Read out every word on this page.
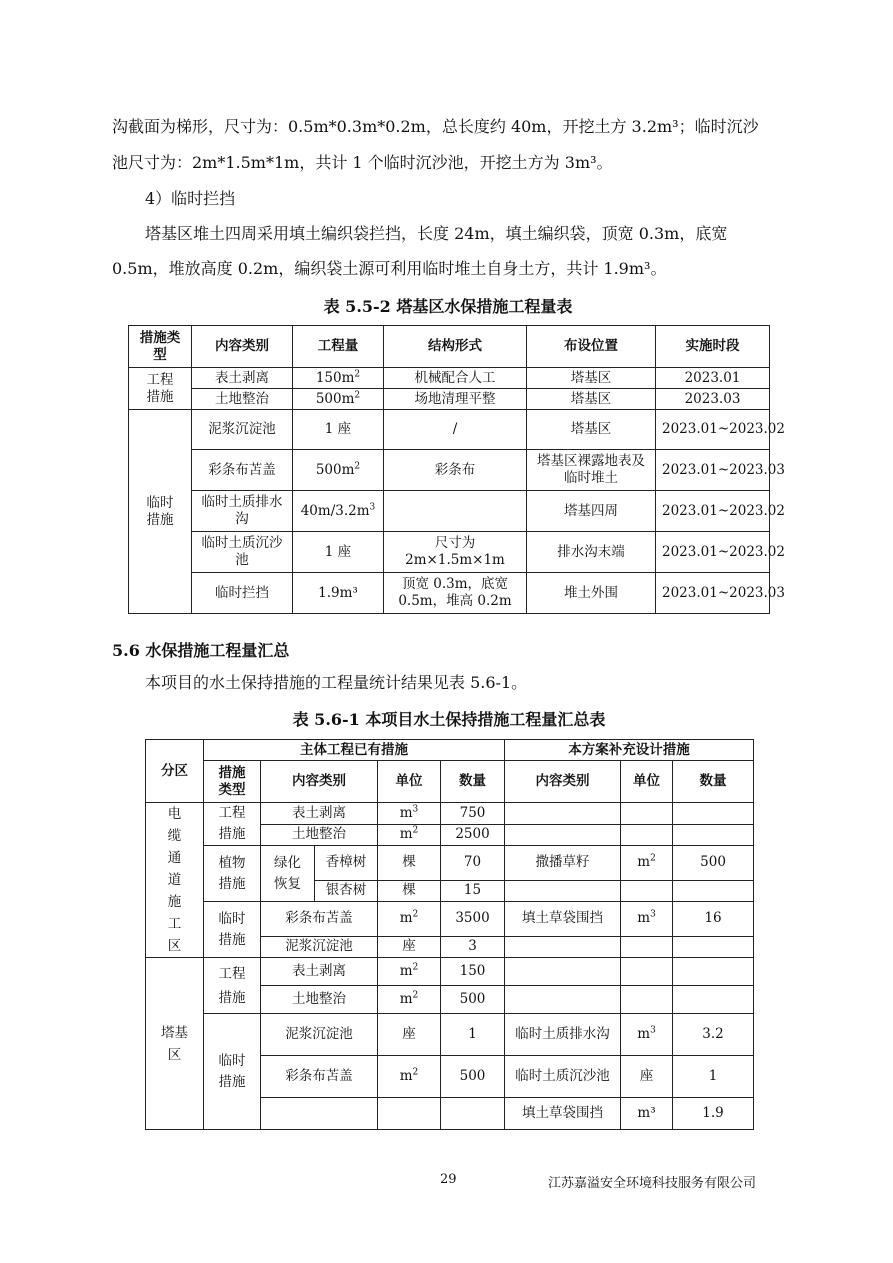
沟截面为梯形，尺寸为：0.5m*0.3m*0.2m，总长度约 40m，开挖土方 3.2m³；临时沉沙
池尺寸为：2m*1.5m*1m，共计 1 个临时沉沙池，开挖土方为 3m³。
4）临时拦挡
塔基区堆土四周采用填土编织袋拦挡，长度 24m，填土编织袋，顶宽 0.3m，底宽
0.5m，堆放高度 0.2m，编织袋土源可利用临时堆土自身土方，共计 1.9m³。
表 5.5-2 塔基区水保措施工程量表
措施类型	内容类别	工程量	结构形式	布设位置	实施时段
工程措施	表土剥离	$150m^2$	机械配合人工	塔基区	2023.01
	土地整治	$500m^2$	场地清理平整	塔基区	2023.03
临时措施	泥浆沉淀池	1 座	/	塔基区	2023.01~2023.02
	彩条布苫盖	$500m^2$	彩条布	塔基区裸露地表及临时堆土	2023.01~2023.03
	临时土质排水沟	$40m/3.2m^3$		塔基四周	2023.01~2023.02
	临时土质沉沙池	1 座	尺寸为 2m×1.5m×1m	排水沟末端	2023.01~2023.02
	临时拦挡	1.9m³	顶宽 0.3m，底宽 0.5m，堆高 0.2m	堆土外围	2023.01~2023.03
5.6 水保措施工程量汇总
本项目的水土保持措施的工程量统计结果见表 5.6-1。
表 5.6-1 本项目水土保持措施工程量汇总表
分区	主体工程已有措施					本方案补充设计措施		
	措施类型	内容类别		单位	数量	内容类别	单位	数量
电缆通道施工区	工程措施	表土剥离		$m^3$	750			
		土地整治		$m^2$	2500			
	植物措施	绿化恢复	香樟树	棵	70	撒播草籽	$m^2$	500
			银杏树	棵	15			
	临时措施	彩条布苫盖		$m^2$	3500	填土草袋围挡	$m^3$	16
		泥浆沉淀池		座	3			
塔基区	工程措施	表土剥离		$m^2$	150			
		土地整治		$m^2$	500			
	临时措施	泥浆沉淀池		座	1	临时土质排水沟	$m^3$	3.2
		彩条布苫盖		$m^2$	500	临时土质沉沙池	座	1
						填土草袋围挡	m³	1.9
29	江苏嘉溢安全环境科技服务有限公司
